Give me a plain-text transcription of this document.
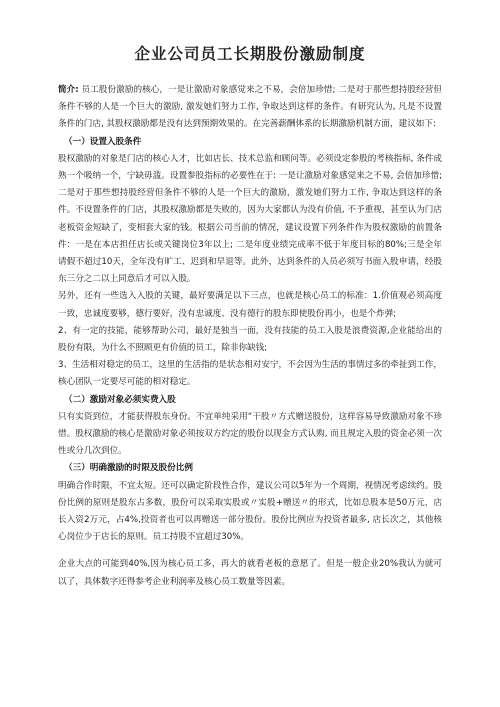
企业公司员工长期股份激励制度

简介: 员工股份激励的核心，一是让激励对象感觉来之不易，会倍加珍惜; 二是对于那些想持股经营但条件不够的人是一个巨大的激励, 激发她们努力工作, 争取达到这样的条件。有研究认为, 凡是不设置条件的门店, 其股权激励都是没有达到预期效果的。在完善薪酬体系的长期激励机制方面，建议如下:

（一）设置入股条件

股权激励的对象是门店的核心人才，比如店长、技术总监和顾问等。必须设定参股的考核指标, 条件成熟一个吸纳一个，宁缺毋滥。设置参股指标的必要性在于: 一是让激励对象感觉来之不易, 会倍加珍惜; 二是对于那些想持股经营但条件不够的人是一个巨大的激励，激发她们努力工作, 争取达到这样的条件。不设置条件的门店，其股权激励都是失败的，因为大家都认为没有价值, 不予重视，甚至认为门店老板资金短缺了，变相套大家的钱。根据公司当前的情况，建议设置下列条件作为股权激励的前置条件：一是在本店担任店长或关键岗位3年以上; 二是年度业绩完成率不低于年度目标的80%;三是全年请假不超过10天，全年没有旷工、迟到和早退等。此外，达到条件的人员必须写书面入股申请，经股东三分之二以上同意后才可以入股。

另外，还有一些选入入股的关键，最好要满足以下三点，也就是核心员工的标准：1.价值观必须高度一致，忠诚度要够，德行要好，没有忠诚度、没有德行的股东即使股份再小，也是个炸弹;

2、有一定的技能，能够帮助公司，最好是独当一面，没有技能的员工入股是浪费资源,企业能给出的股份有限，为什么不照顾更有价值的员工，除非你缺钱;

3、生活相对稳定的员工，这里的生活指的是状态相对安宁，不会因为生活的事情过多的牵扯到工作，核心团队一定要尽可能的相对稳定。

（二）激励对象必须实费入股

只有实资到位，才能获得股东身份。不宜单纯采用“干股〃方式赠送股份，这样容易导致激励对象不珍惜。股权激励的核心是激励对象必须按双方约定的股份以现金方式认购, 而且规定入股的资金必须一次性或分几次到位。

（三）明确激励的时限及股份比例

明确合作时限，不宜太短。还可以确定阶段性合作，建议公司以5年为一个周期，视情况考虑续约。股份比例的原则是股东占多数，股份可以采取实股或〃实股+赠送〃的形式，比如总股本是50万元，店长入资2万元，占4%,投资者也可以再赠送一部分股份。股份比例应为投资者最多, 店长次之，其他核心岗位少于店长的原则。员工持股不宜超过30%。

企业大点的可能到40%,因为核心员工多，再大的就看老板的意愿了。但是一般企业20%我认为就可以了，具体数字还得参考企业利润率及核心员工数量等因素。
